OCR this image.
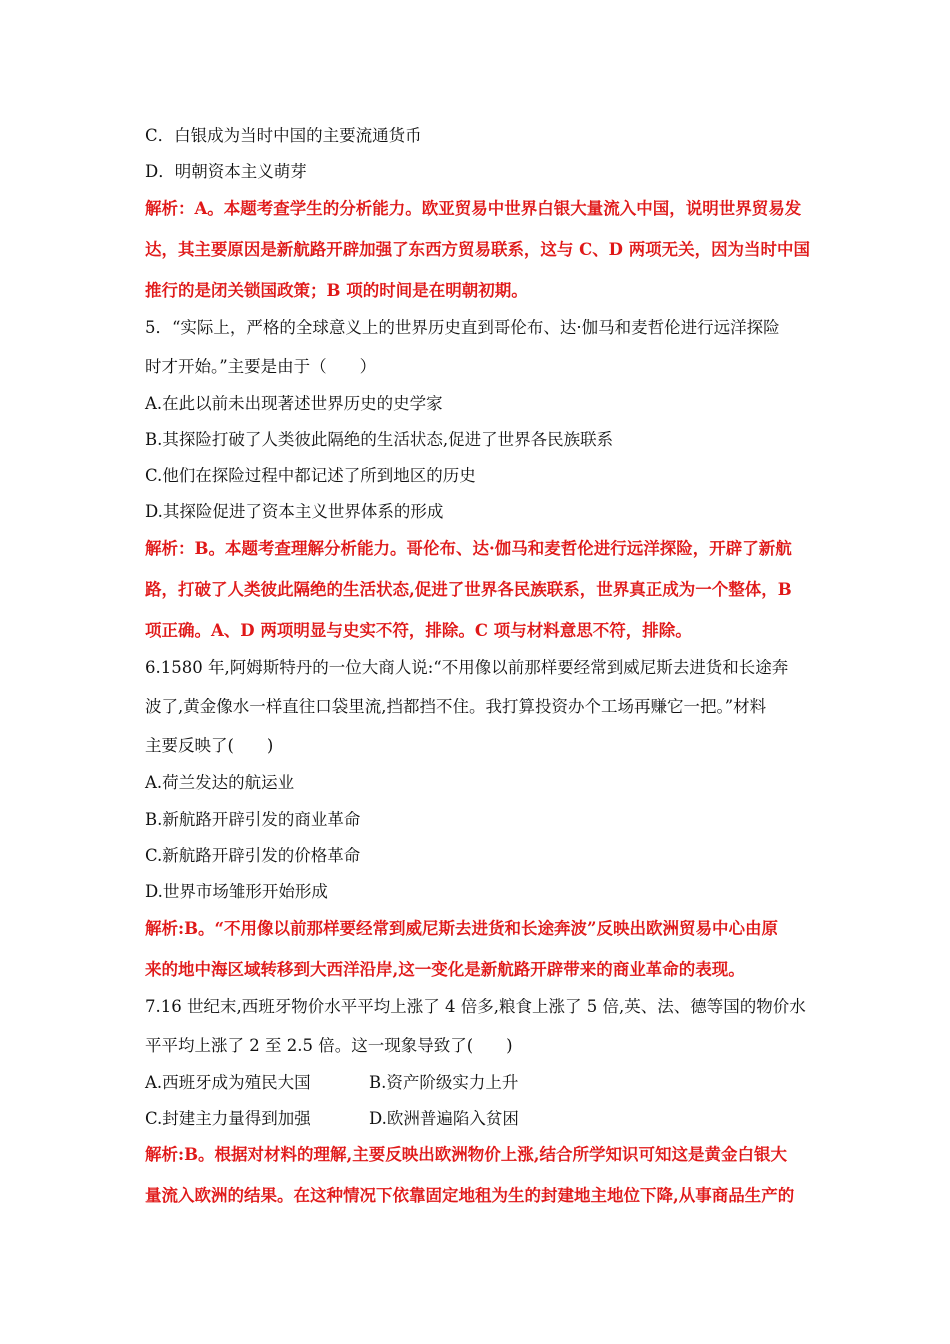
C．白银成为当时中国的主要流通货币
D．明朝资本主义萌芽
解析：A。本题考查学生的分析能力。欧亚贸易中世界白银大量流入中国，说明世界贸易发
达，其主要原因是新航路开辟加强了东西方贸易联系，这与 C、D 两项无关，因为当时中国
推行的是闭关锁国政策；B 项的时间是在明朝初期。
5．“实际上，严格的全球意义上的世界历史直到哥伦布、达·伽马和麦哲伦进行远洋探险
时才开始。”主要是由于（　　）
A.在此以前未出现著述世界历史的史学家
B.其探险打破了人类彼此隔绝的生活状态,促进了世界各民族联系
C.他们在探险过程中都记述了所到地区的历史
D.其探险促进了资本主义世界体系的形成
解析：B。本题考查理解分析能力。哥伦布、达·伽马和麦哲伦进行远洋探险，开辟了新航
路，打破了人类彼此隔绝的生活状态,促进了世界各民族联系，世界真正成为一个整体，B
项正确。A、D 两项明显与史实不符，排除。C 项与材料意思不符，排除。
6.1580 年,阿姆斯特丹的一位大商人说:“不用像以前那样要经常到威尼斯去进货和长途奔
波了,黄金像水一样直往口袋里流,挡都挡不住。我打算投资办个工场再赚它一把。”材料
主要反映了(　　)
A.荷兰发达的航运业
B.新航路开辟引发的商业革命
C.新航路开辟引发的价格革命
D.世界市场雏形开始形成
解析:B。“不用像以前那样要经常到威尼斯去进货和长途奔波”反映出欧洲贸易中心由原
来的地中海区域转移到大西洋沿岸,这一变化是新航路开辟带来的商业革命的表现。
7.16 世纪末,西班牙物价水平平均上涨了 4 倍多,粮食上涨了 5 倍,英、法、德等国的物价水
平平均上涨了 2 至 2.5 倍。这一现象导致了(　　)
A.西班牙成为殖民大国	B.资产阶级实力上升
C.封建主力量得到加强	D.欧洲普遍陷入贫困
解析:B。根据对材料的理解,主要反映出欧洲物价上涨,结合所学知识可知这是黄金白银大
量流入欧洲的结果。在这种情况下依靠固定地租为生的封建地主地位下降,从事商品生产的
